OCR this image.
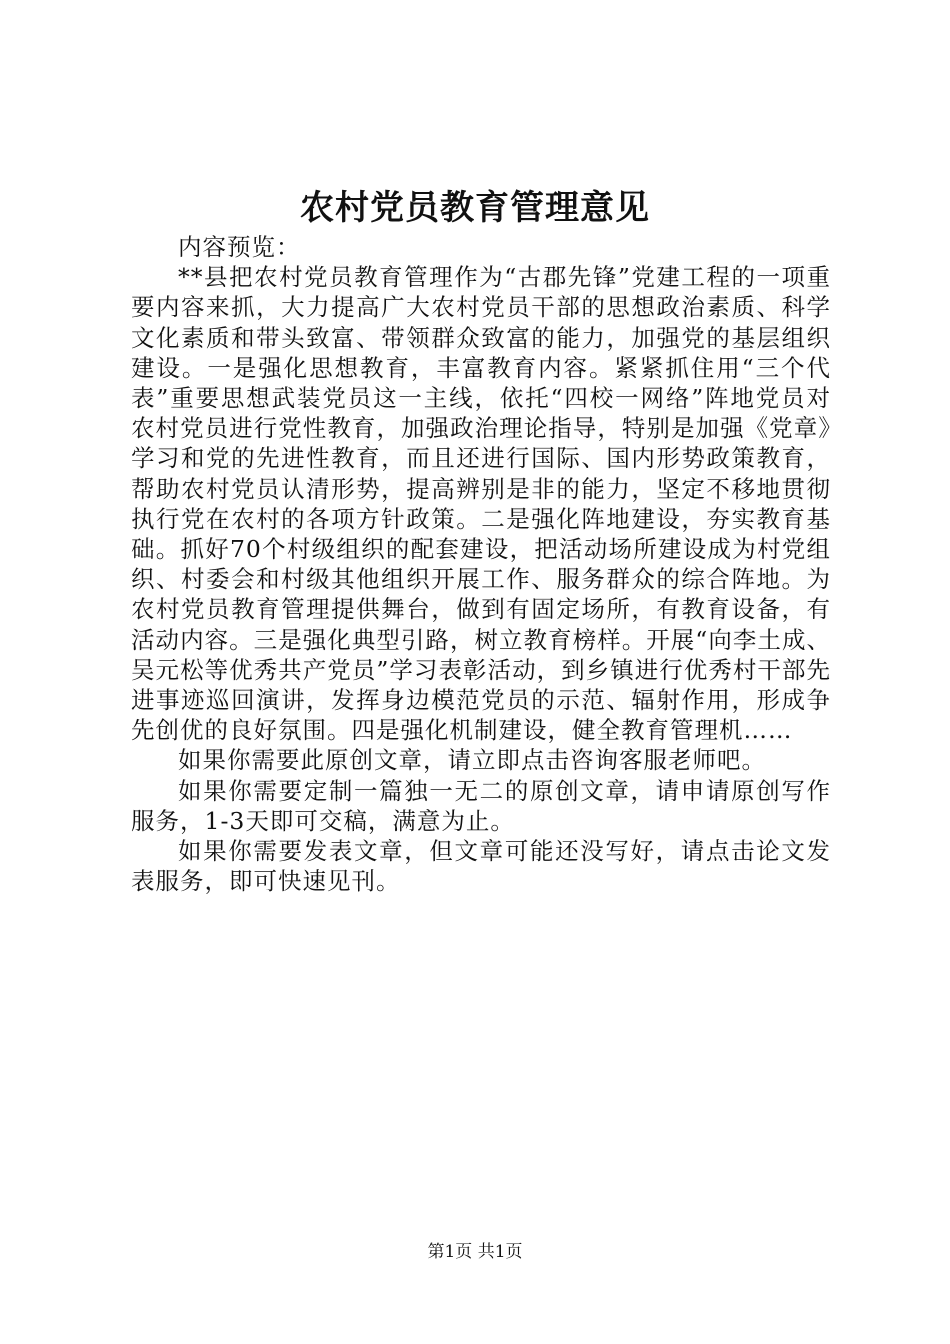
农村党员教育管理意见

内容预览：

**县把农村党员教育管理作为“古郡先锋”党建工程的一项重要内容来抓，大力提高广大农村党员干部的思想政治素质、科学文化素质和带头致富、带领群众致富的能力，加强党的基层组织建设。一是强化思想教育，丰富教育内容。紧紧抓住用“三个代表”重要思想武装党员这一主线，依托“四校一网络”阵地党员对农村党员进行党性教育，加强政治理论指导，特别是加强《党章》学习和党的先进性教育，而且还进行国际、国内形势政策教育，帮助农村党员认清形势，提高辨别是非的能力，坚定不移地贯彻执行党在农村的各项方针政策。二是强化阵地建设，夯实教育基础。抓好70个村级组织的配套建设，把活动场所建设成为村党组织、村委会和村级其他组织开展工作、服务群众的综合阵地。为农村党员教育管理提供舞台，做到有固定场所，有教育设备，有活动内容。三是强化典型引路，树立教育榜样。开展“向李土成、吴元松等优秀共产党员”学习表彰活动，到乡镇进行优秀村干部先进事迹巡回演讲，发挥身边模范党员的示范、辐射作用，形成争先创优的良好氛围。四是强化机制建设，健全教育管理机……

如果你需要此原创文章，请立即点击咨询客服老师吧。

如果你需要定制一篇独一无二的原创文章，请申请原创写作服务，1-3天即可交稿，满意为止。

如果你需要发表文章，但文章可能还没写好，请点击论文发表服务，即可快速见刊。

第1页 共1页
